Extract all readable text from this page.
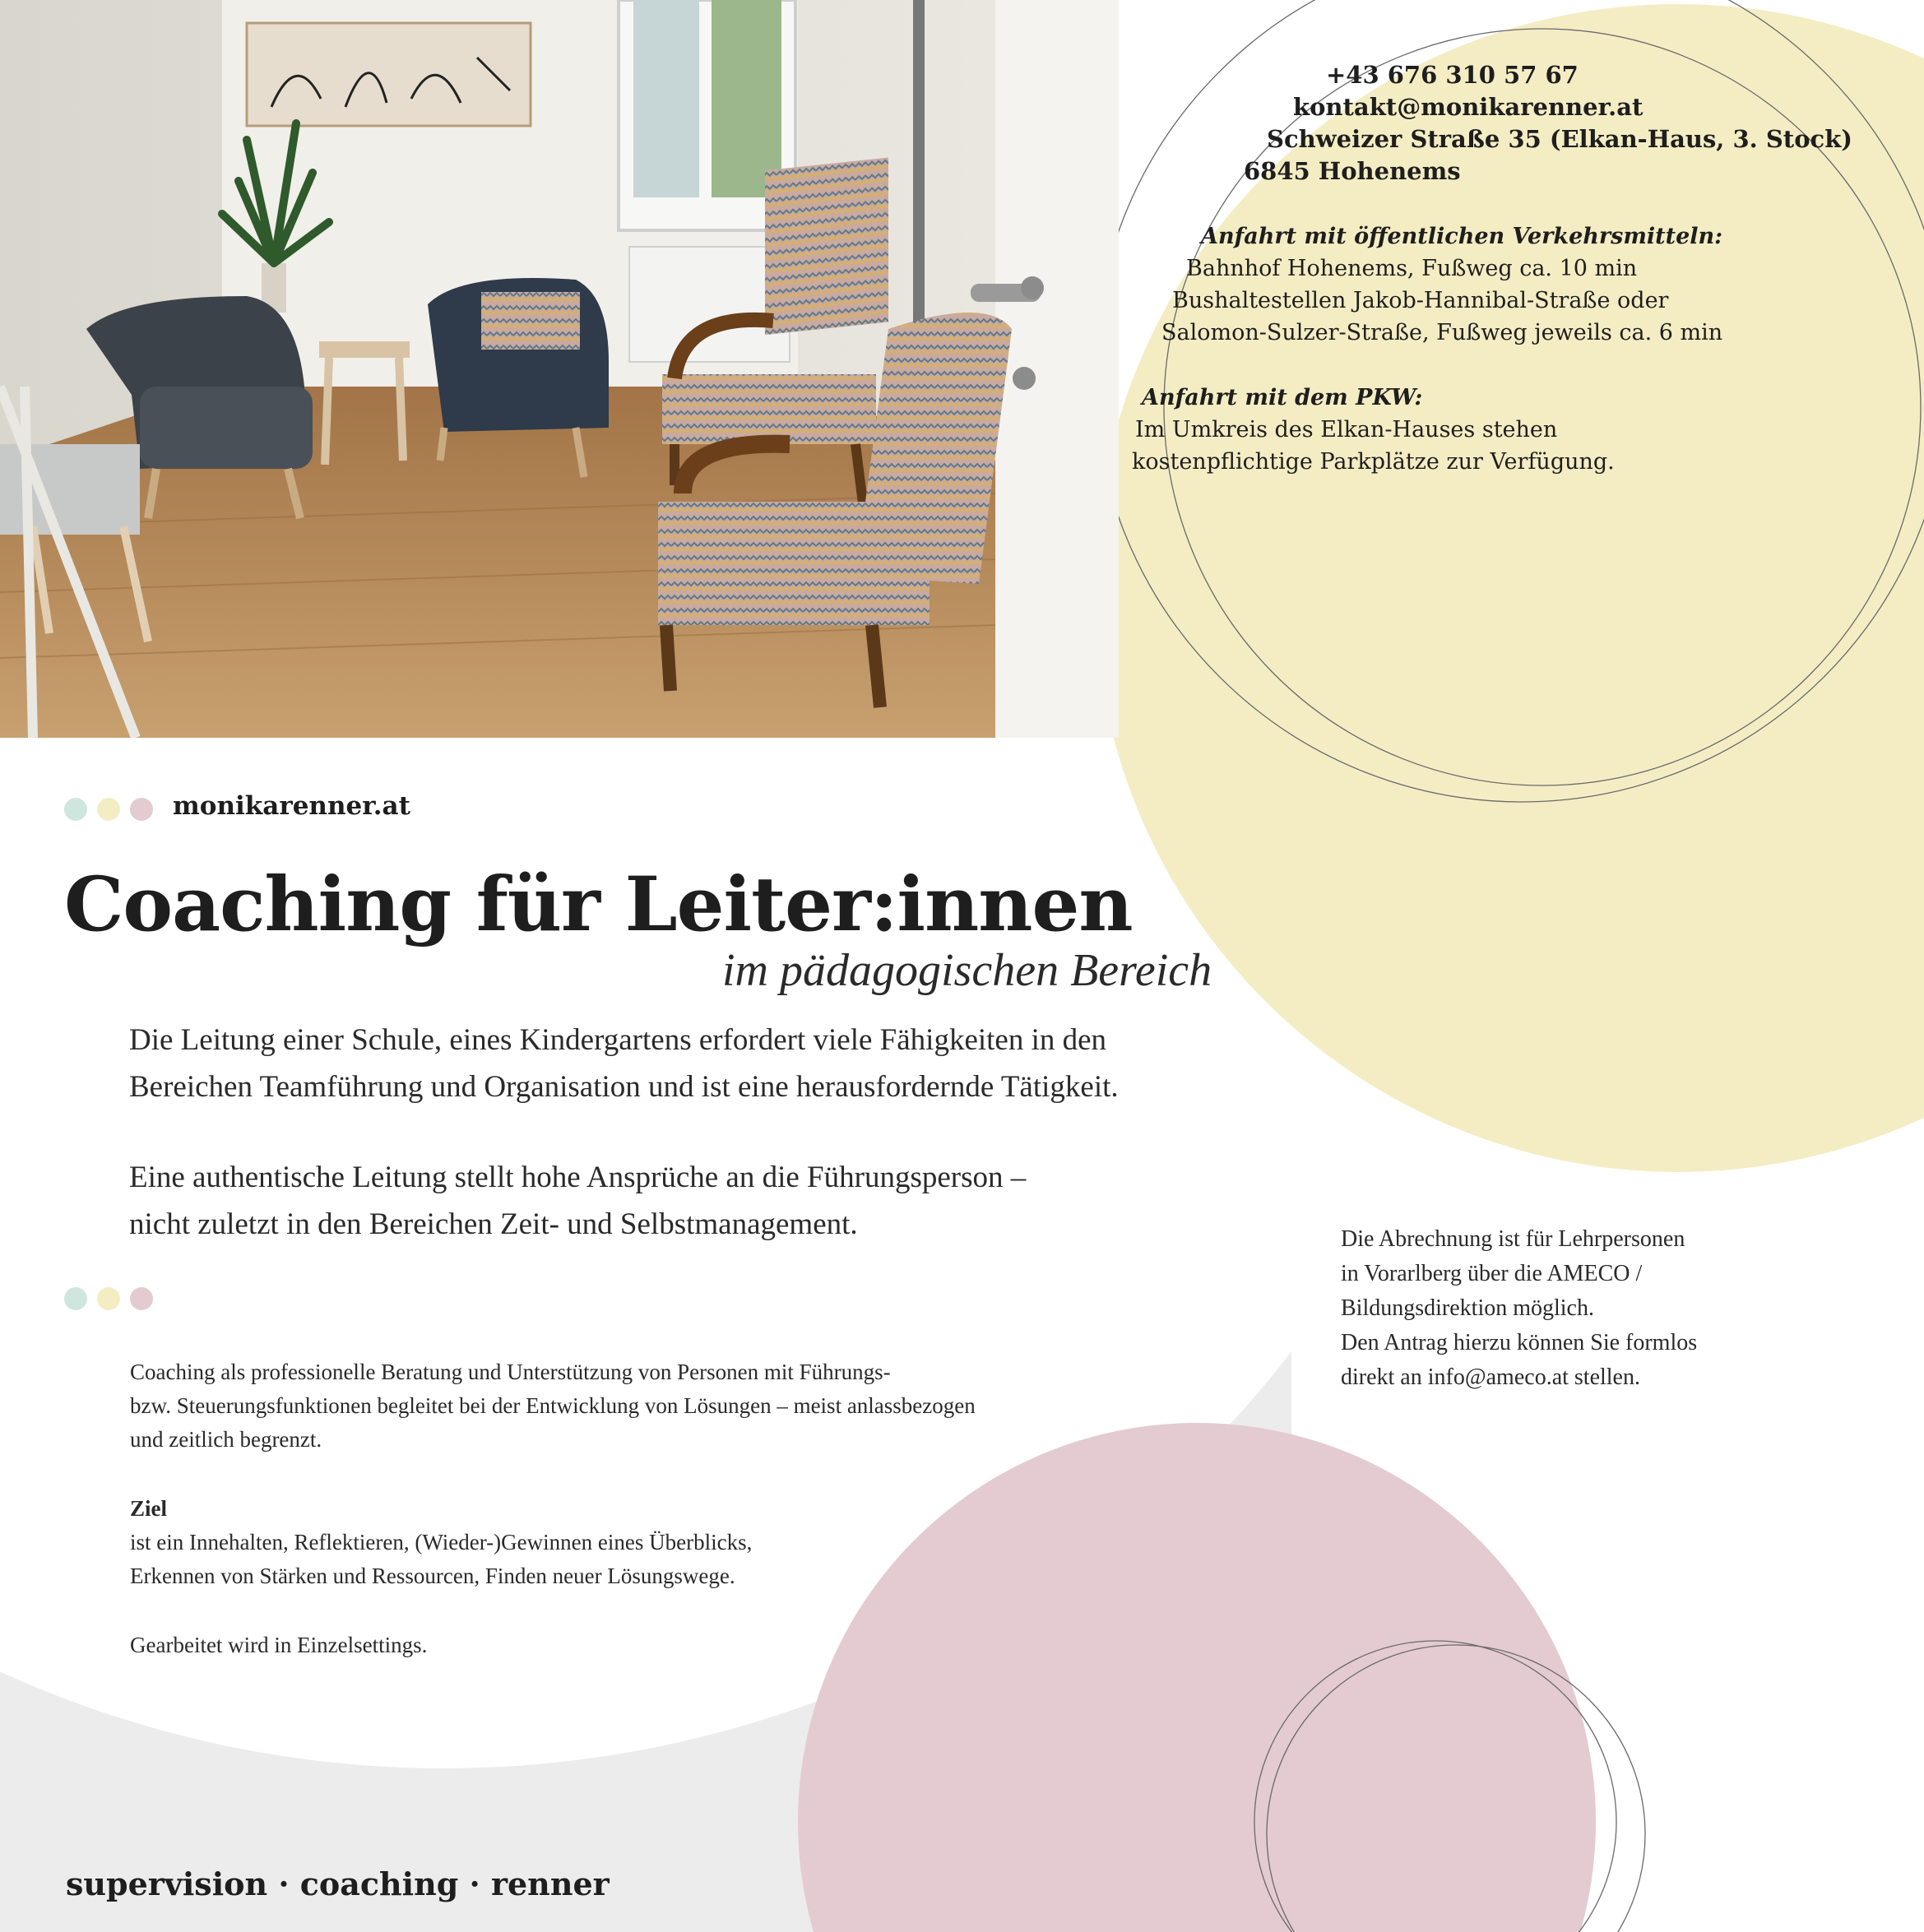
+43 676 310 57 67
kontakt@monikarenner.at
Schweizer Straße 35 (Elkan-Haus, 3. Stock)
6845 Hohenems
Anfahrt mit öffentlichen Verkehrsmitteln:
Bahnhof Hohenems, Fußweg ca. 10 min
Bushaltestellen Jakob-Hannibal-Straße oder
Salomon-Sulzer-Straße, Fußweg jeweils ca. 6 min
Anfahrt mit dem PKW:
Im Umkreis des Elkan-Hauses stehen
kostenpflichtige Parkplätze zur Verfügung.
monikarenner.at
Coaching für Leiter:innen
im pädagogischen Bereich
Die Leitung einer Schule, eines Kindergartens erfordert viele Fähigkeiten in den
Bereichen Teamführung und Organisation und ist eine herausfordernde Tätigkeit.
Eine authentische Leitung stellt hohe Ansprüche an die Führungsperson –
nicht zuletzt in den Bereichen Zeit- und Selbstmanagement.
Coaching als professionelle Beratung und Unterstützung von Personen mit Führungs-
bzw. Steuerungsfunktionen begleitet bei der Entwicklung von Lösungen – meist anlassbezogen
und zeitlich begrenzt.
Ziel
ist ein Innehalten, Reflektieren, (Wieder-)Gewinnen eines Überblicks,
Erkennen von Stärken und Ressourcen, Finden neuer Lösungswege.
Gearbeitet wird in Einzelsettings.
Die Abrechnung ist für Lehrpersonen
in Vorarlberg über die AMECO /
Bildungsdirektion möglich.
Den Antrag hierzu können Sie formlos
direkt an info@ameco.at stellen.
supervision · coaching · renner
